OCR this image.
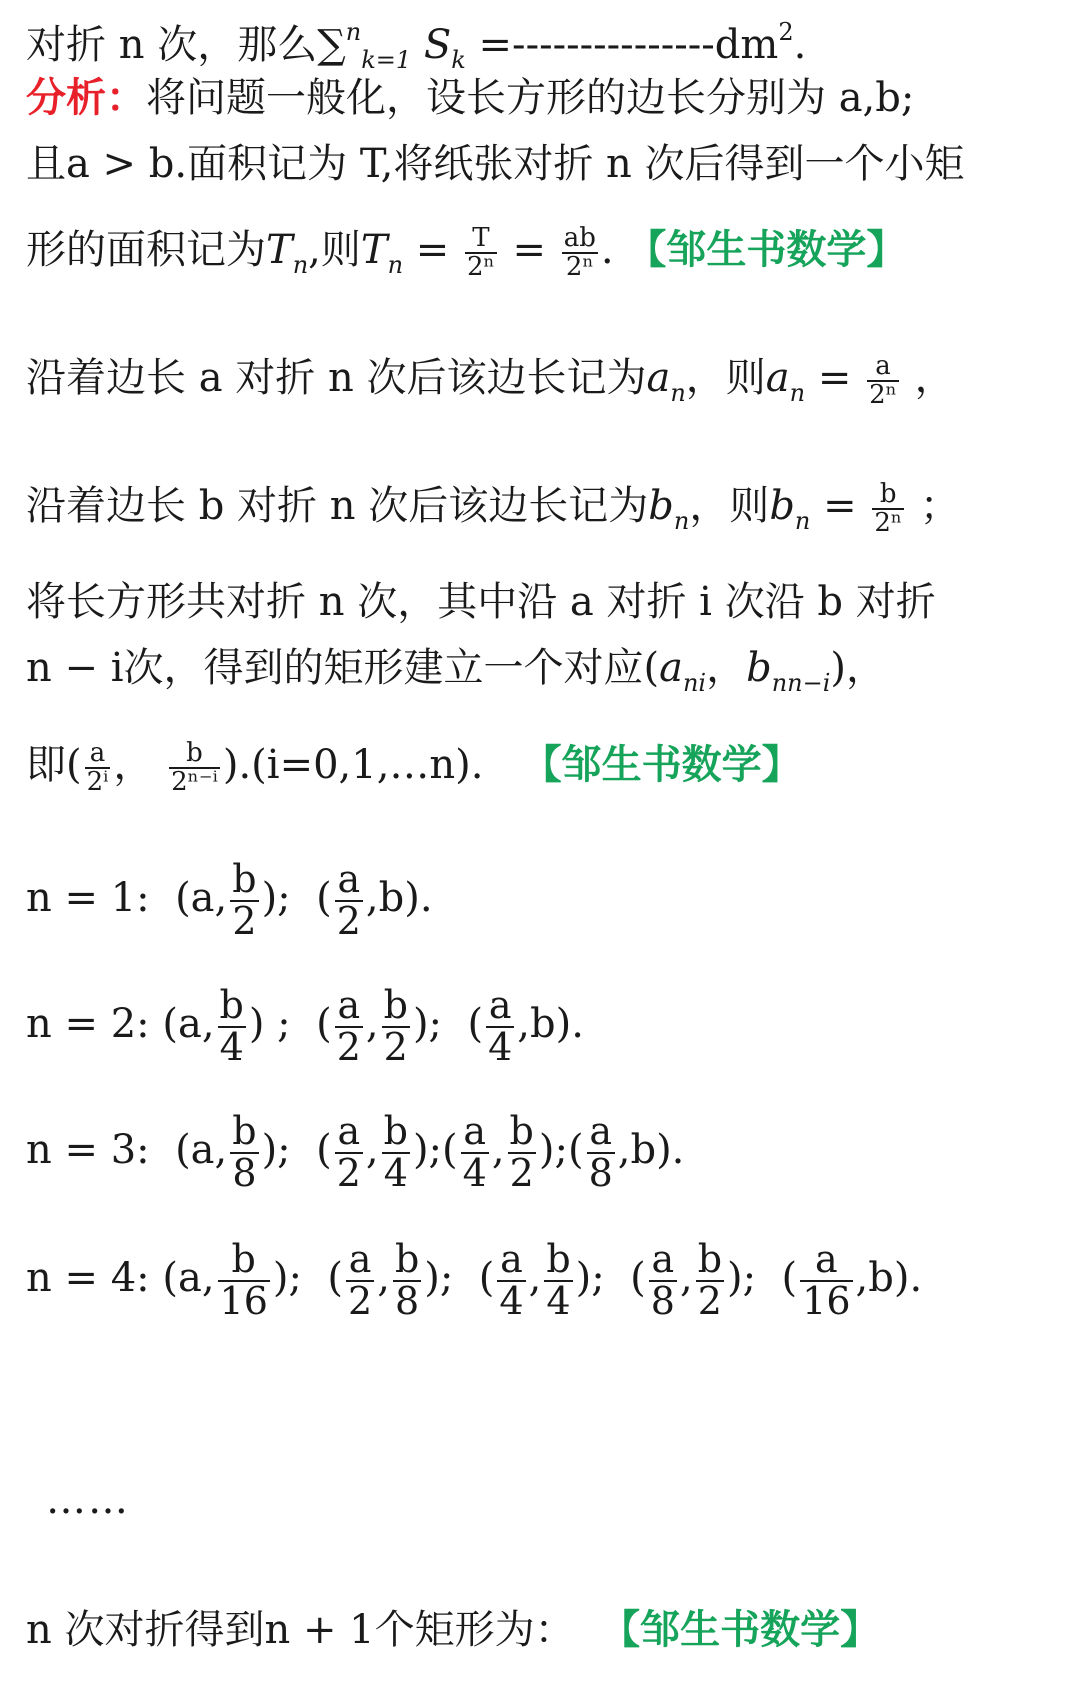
对折 n 次，那么∑$^n_{k=1}$ $S_k =---------------dm^2$.
分析：将问题一般化，设长方形的边长分别为 a,b;
且a > b.面积记为 T,将纸张对折 n 次后得到一个小矩
形的面积记为$T_n$,则$T_n = \frac{T}{\text{2ⁿ}} = \frac{ab}{\text{2ⁿ}}$ . 【邹生书数学】
沿着边长 a 对折 n 次后该边长记为$a_n$，则$a_n = \frac{a}{\text{2ⁿ}}$ ，
沿着边长 b 对折 n 次后该边长记为$b_n$，则$b_n = \frac{b}{\text{2ⁿ}}$ ；
将长方形共对折 n 次，其中沿 a 对折 i 次沿 b 对折
n − i次，得到的矩形建立一个对应($a_{ni}$，$b_{nn-i}$)，
即( $\frac{a}{\text{2ⁱ}}$ ， $\frac{b}{\text{2ⁿ⁻ⁱ}}$ ).(i=0,1,…n). 【邹生书数学】
n = 1: (a, $\frac{b}{2}$ ); ( $\frac{a}{2} ,b$).
n = 2: (a, $\frac{b}{4}$ ) ; ( $\frac{a}{2}$ , $\frac{b}{2}$ ); ( $\frac{a}{4} ,b$).
n = 3: (a, $\frac{b}{8}$ ); ( $\frac{a}{2}$ , $\frac{b}{4}$ );( $\frac{a}{4}$ , $\frac{b}{2}$ );( $\frac{a}{8} ,b$).
n = 4: (a, $\frac{b}{16}$ ); ( $\frac{a}{2}$ , $\frac{b}{8}$ ); ( $\frac{a}{4}$ , $\frac{b}{4}$ ); ( $\frac{a}{8}$ , $\frac{b}{2}$ ); ( $\frac{a}{16} ,b$).
……
n 次对折得到n + 1个矩形为： 【邹生书数学】
